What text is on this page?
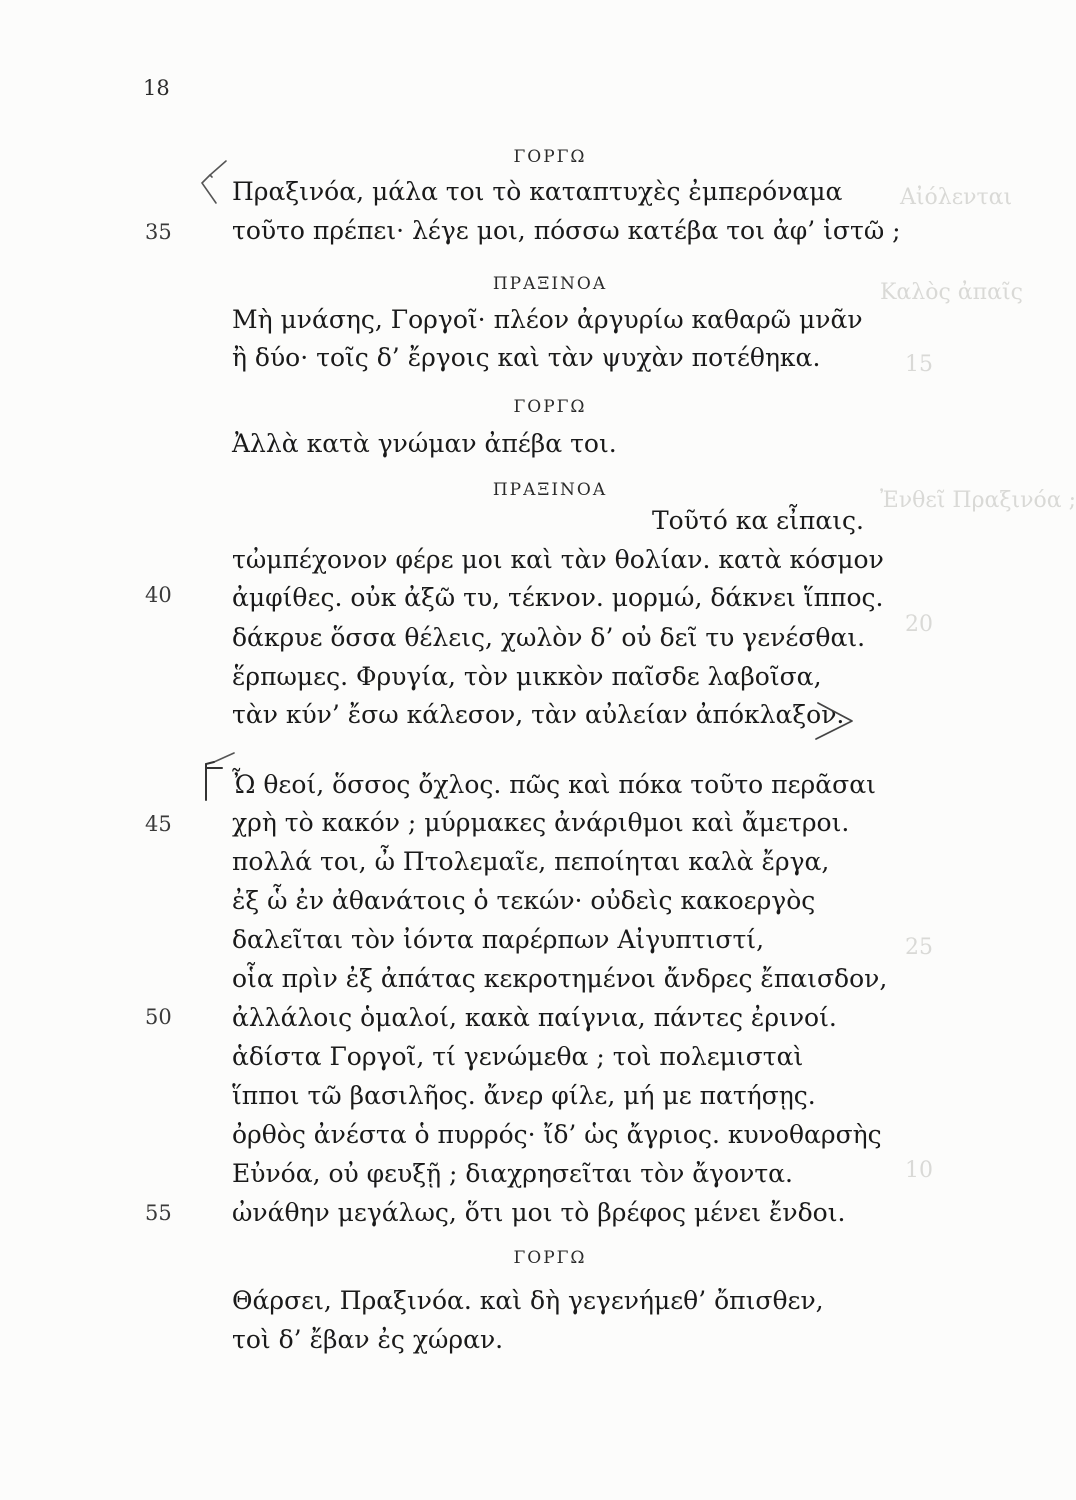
Αἰόλενται
Καλὸς ἀπαῖς
15
Ἐνθεῖ Πραξινόα ;
20
25
10
18
ΓΟΡΓΩ
ΠΡΑΞΙΝΟΑ
ΓΟΡΓΩ
ΠΡΑΞΙΝΟΑ
ΓΟΡΓΩ
35
40
45
50
55
Πραξινόα, μάλα τοι τὸ καταπτυχὲς ἐμπερόναμα
τοῦτο πρέπει· λέγε μοι, πόσσω κατέβα τοι ἀφ’ ἱστῶ ;
Μὴ μνάσης, Γοργοῖ· πλέον ἀργυρίω καθαρῶ μνᾶν
ἢ δύο· τοῖς δ’ ἔργοις καὶ τὰν ψυχὰν ποτέθηκα.
Ἀλλὰ κατὰ γνώμαν ἀπέβα τοι.
Τοῦτό κα εἶπαις.
τὠμπέχονον φέρε μοι καὶ τὰν θολίαν. κατὰ κόσμον
ἀμφίθες. οὐκ ἀξῶ τυ, τέκνον. μορμώ, δάκνει ἵππος.
δάκρυε ὅσσα θέλεις, χωλὸν δ’ οὐ δεῖ τυ γενέσθαι.
ἕρπωμες. Φρυγία, τὸν μικκὸν παῖσδε λαβοῖσα,
τὰν κύν’ ἔσω κάλεσον, τὰν αὐλείαν ἀπόκλαξον.
Ὦ θεοί, ὅσσος ὄχλος. πῶς καὶ πόκα τοῦτο περᾶσαι
χρὴ τὸ κακόν ; μύρμακες ἀνάριθμοι καὶ ἄμετροι.
πολλά τοι, ὦ Πτολεμαῖε, πεποίηται καλὰ ἔργα,
ἐξ ὧ ἐν ἀθανάτοις ὁ τεκών· οὐδεὶς κακοεργὸς
δαλεῖται τὸν ἰόντα παρέρπων Αἰγυπτιστί,
οἷα πρὶν ἐξ ἀπάτας κεκροτημένοι ἄνδρες ἔπαισδον,
ἀλλάλοις ὁμαλοί, κακὰ παίγνια, πάντες ἐρινοί.
ἁδίστα Γοργοῖ, τί γενώμεθα ; τοὶ πολεμισταὶ
ἵπποι τῶ βασιλῆος. ἄνερ φίλε, μή με πατήσῃς.
ὀρθὸς ἀνέστα ὁ πυρρός· ἴδ’ ὡς ἄγριος. κυνοθαρσὴς
Εὐνόα, οὐ φευξῇ ; διαχρησεῖται τὸν ἄγοντα.
ὠνάθην μεγάλως, ὅτι μοι τὸ βρέφος μένει ἔνδοι.
Θάρσει, Πραξινόα. καὶ δὴ γεγενήμεθ’ ὄπισθεν,
τοὶ δ’ ἔβαν ἐς χώραν.
